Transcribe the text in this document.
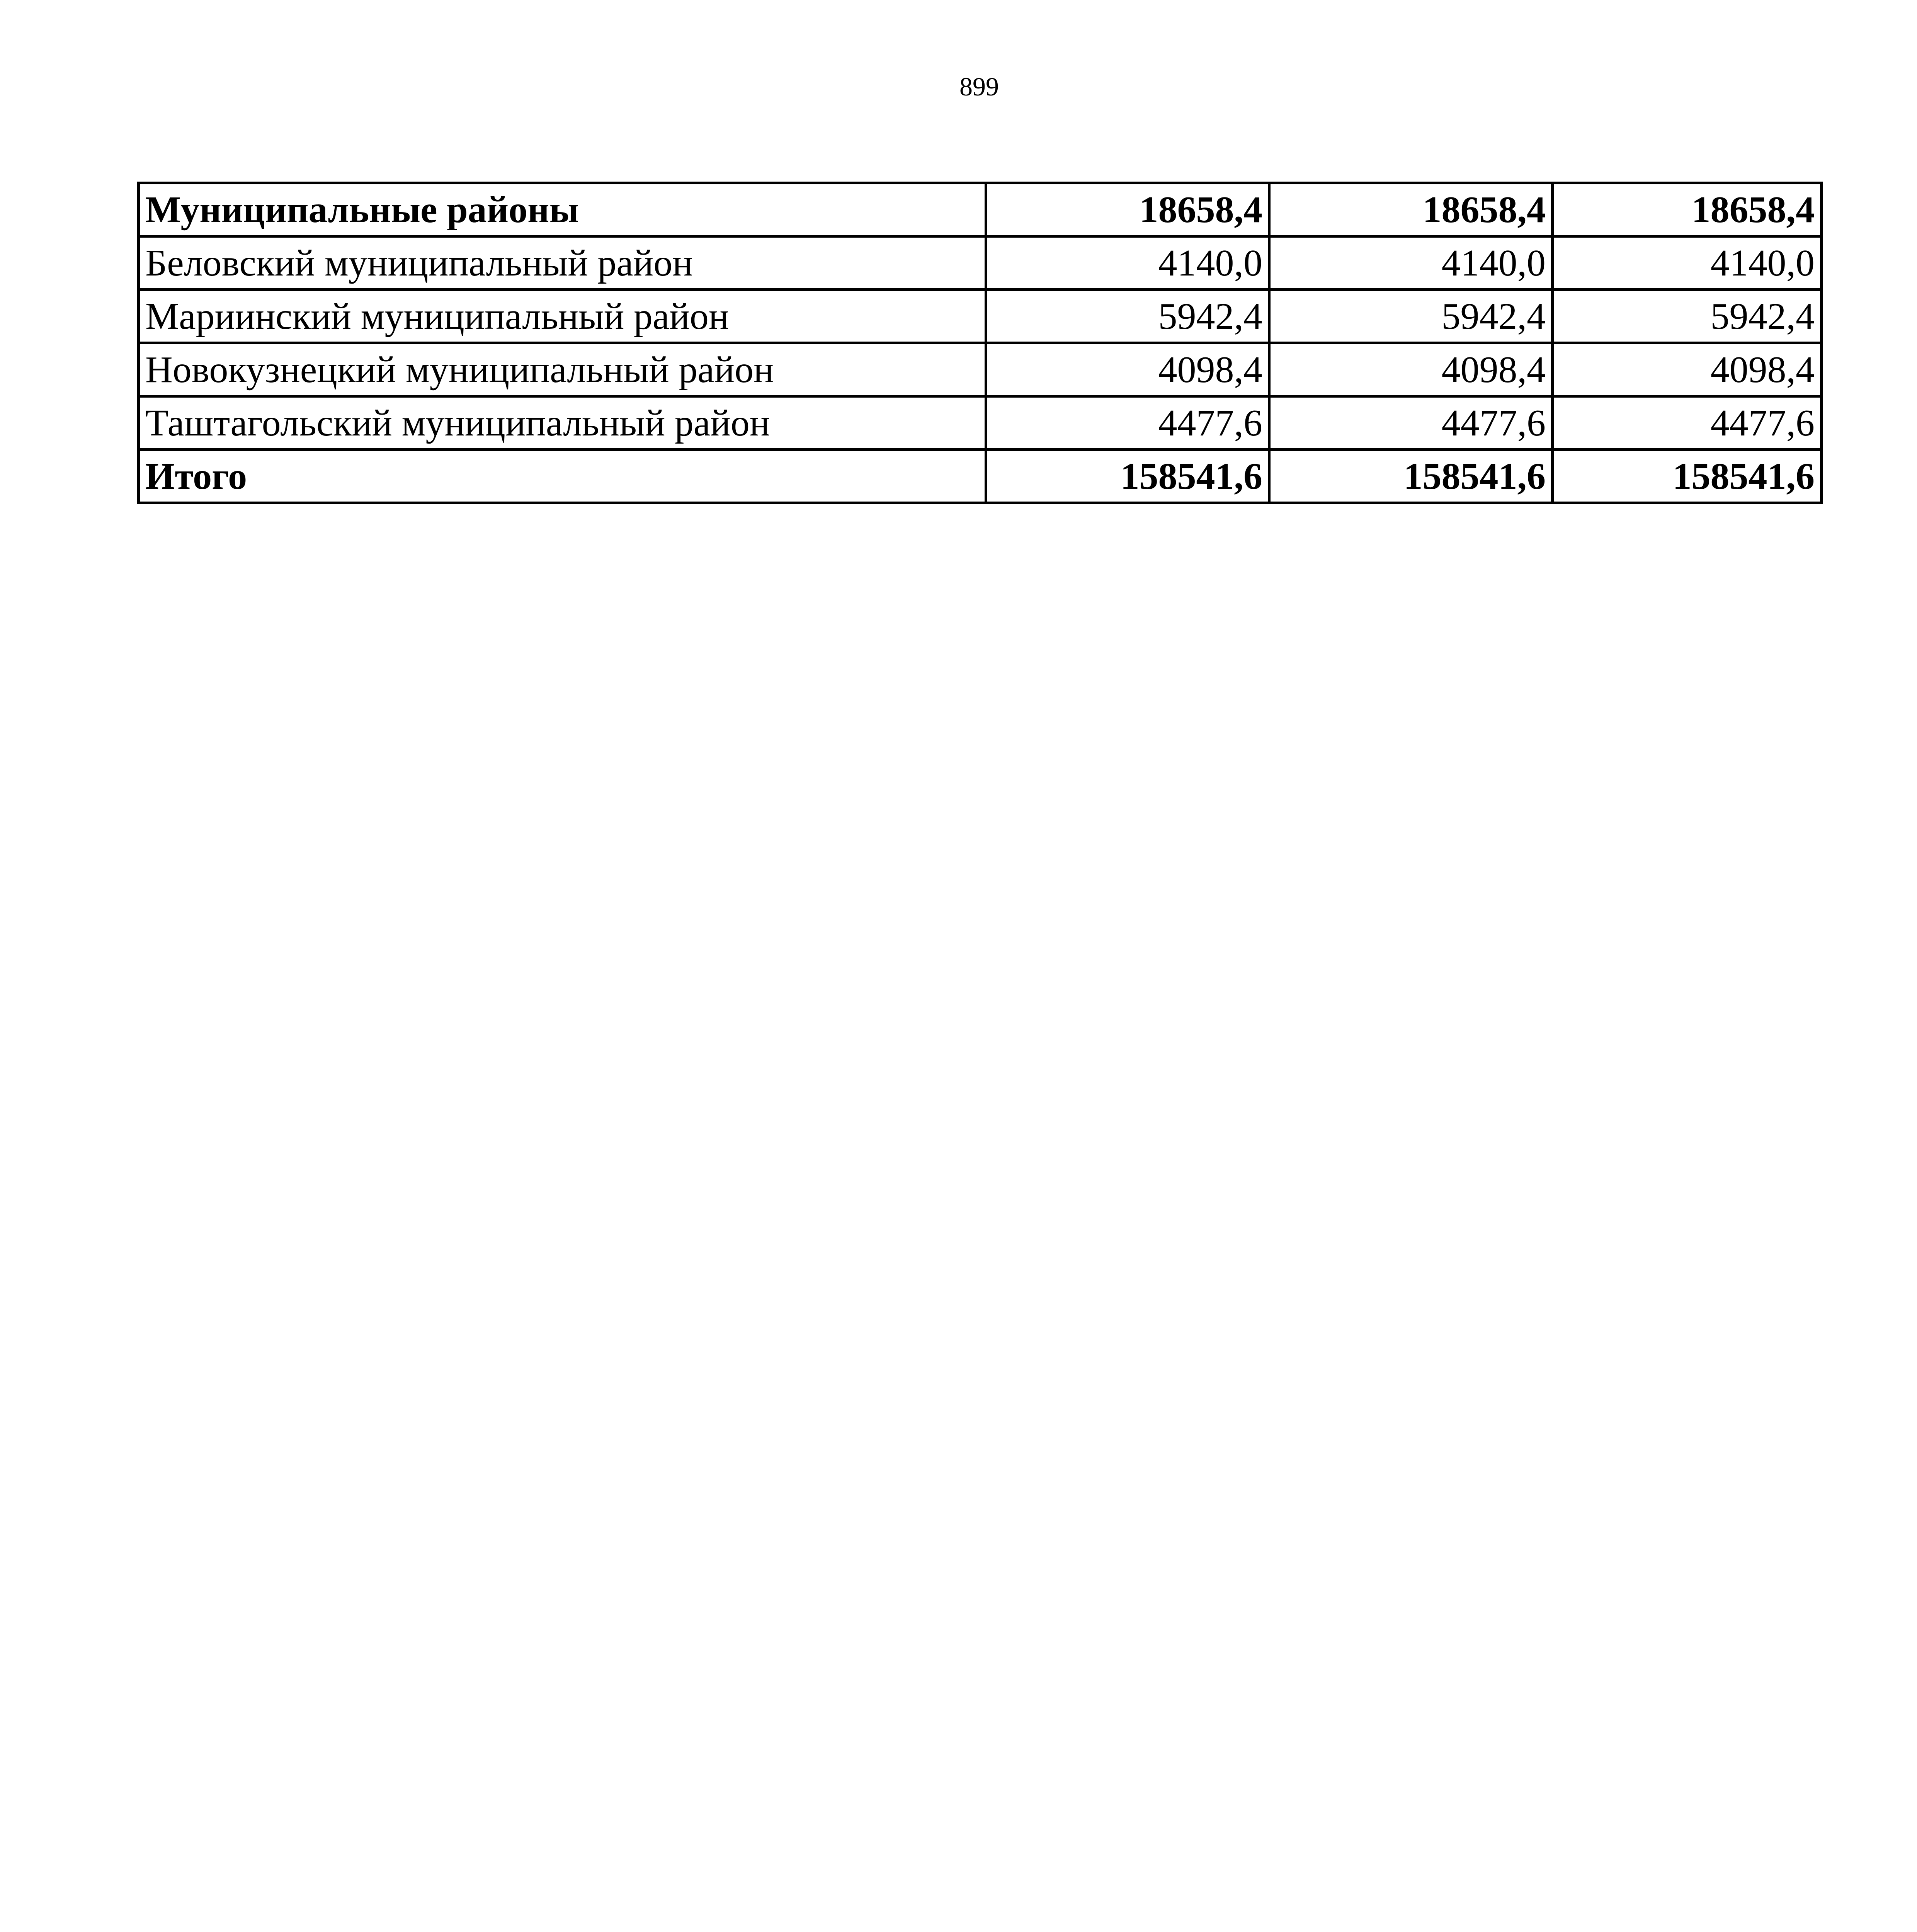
899
Муниципальные районы	18658,4	18658,4	18658,4
Беловский муниципальный район	4140,0	4140,0	4140,0
Мариинский муниципальный район	5942,4	5942,4	5942,4
Новокузнецкий муниципальный район	4098,4	4098,4	4098,4
Таштагольский муниципальный район	4477,6	4477,6	4477,6
Итого	158541,6	158541,6	158541,6
